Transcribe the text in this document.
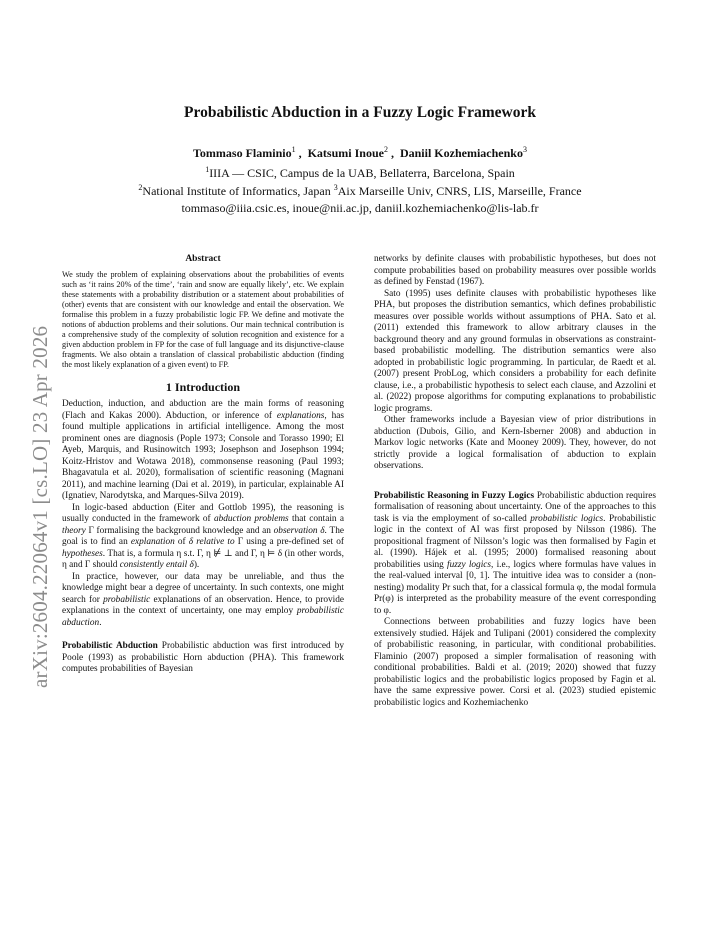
arXiv:2604.22064v1 [cs.LO] 23 Apr 2026
Probabilistic Abduction in a Fuzzy Logic Framework
Tommaso Flaminio$^1$ ,  Katsumi Inoue$^2$ ,  Daniil Kozhemiachenko$^3$
$^1$IIIA — CSIC, Campus de la UAB, Bellaterra, Barcelona, Spain
$^2$National Institute of Informatics, Japan $^3$Aix Marseille Univ, CNRS, LIS, Marseille, France
tommaso@iiia.csic.es, inoue@nii.ac.jp, daniil.kozhemiachenko@lis-lab.fr
Abstract

We study the problem of explaining observations about the probabilities of events such as ‘it rains 20% of the time’, ‘rain and snow are equally likely’, etc. We explain these statements with a probability distribution or a statement about probabilities of (other) events that are consistent with our knowledge and entail the observation. We formalise this problem in a fuzzy probabilistic logic FP. We define and motivate the notions of abduction problems and their solutions. Our main technical contribution is a comprehensive study of the complexity of solution recognition and existence for a given abduction problem in FP for the case of full language and its disjunctive-clause fragments. We also obtain a translation of classical probabilistic abduction (finding the most likely explanation of a given event) to FP.

1 Introduction

Deduction, induction, and abduction are the main forms of reasoning (Flach and Kakas 2000). Abduction, or inference of explanations, has found multiple applications in artificial intelligence. Among the most prominent ones are diagnosis (Pople 1973; Console and Torasso 1990; El Ayeb, Marquis, and Rusinowitch 1993; Josephson and Josephson 1994; Koitz-Hristov and Wotawa 2018), commonsense reasoning (Paul 1993; Bhagavatula et al. 2020), formalisation of scientific reasoning (Magnani 2011), and machine learning (Dai et al. 2019), in particular, explainable AI (Ignatiev, Narodytska, and Marques-Silva 2019).

In logic-based abduction (Eiter and Gottlob 1995), the reasoning is usually conducted in the framework of abduction problems that contain a theory Γ formalising the background knowledge and an observation δ. The goal is to find an explanation of δ relative to Γ using a pre-defined set of hypotheses. That is, a formula η s.t. Γ, η ⊭ ⊥ and Γ, η ⊨ δ (in other words, η and Γ should consistently entail δ).

In practice, however, our data may be unreliable, and thus the knowledge might bear a degree of uncertainty. In such contexts, one might search for probabilistic explanations of an observation. Hence, to provide explanations in the context of uncertainty, one may employ probabilistic abduction.

Probabilistic Abduction Probabilistic abduction was first introduced by Poole (1993) as probabilistic Horn abduction (PHA). This framework computes probabilities of Bayesian

networks by definite clauses with probabilistic hypotheses, but does not compute probabilities based on probability measures over possible worlds as defined by Fenstad (1967).

Sato (1995) uses definite clauses with probabilistic hypotheses like PHA, but proposes the distribution semantics, which defines probabilistic measures over possible worlds without assumptions of PHA. Sato et al. (2011) extended this framework to allow arbitrary clauses in the background theory and any ground formulas in observations as constraint-based probabilistic modelling. The distribution semantics were also adopted in probabilistic logic programming. In particular, de Raedt et al. (2007) present ProbLog, which considers a probability for each definite clause, i.e., a probabilistic hypothesis to select each clause, and Azzolini et al. (2022) propose algorithms for computing explanations to probabilistic logic programs.

Other frameworks include a Bayesian view of prior distributions in abduction (Dubois, Gilio, and Kern-Isberner 2008) and abduction in Markov logic networks (Kate and Mooney 2009). They, however, do not strictly provide a logical formalisation of abduction to explain observations.

Probabilistic Reasoning in Fuzzy Logics Probabilistic abduction requires formalisation of reasoning about uncertainty. One of the approaches to this task is via the employment of so-called probabilistic logics. Probabilistic logic in the context of AI was first proposed by Nilsson (1986). The propositional fragment of Nilsson’s logic was then formalised by Fagin et al. (1990). Hájek et al. (1995; 2000) formalised reasoning about probabilities using fuzzy logics, i.e., logics where formulas have values in the real-valued interval [0, 1]. The intuitive idea was to consider a (non-nesting) modality Pr such that, for a classical formula φ, the modal formula Pr(φ) is interpreted as the probability measure of the event corresponding to φ.

Connections between probabilities and fuzzy logics have been extensively studied. Hájek and Tulipani (2001) considered the complexity of probabilistic reasoning, in particular, with conditional probabilities. Flaminio (2007) proposed a simpler formalisation of reasoning with conditional probabilities. Baldi et al. (2019; 2020) showed that fuzzy probabilistic logics and the probabilistic logics proposed by Fagin et al. have the same expressive power. Corsi et al. (2023) studied epistemic probabilistic logics and Kozhemiachenko
